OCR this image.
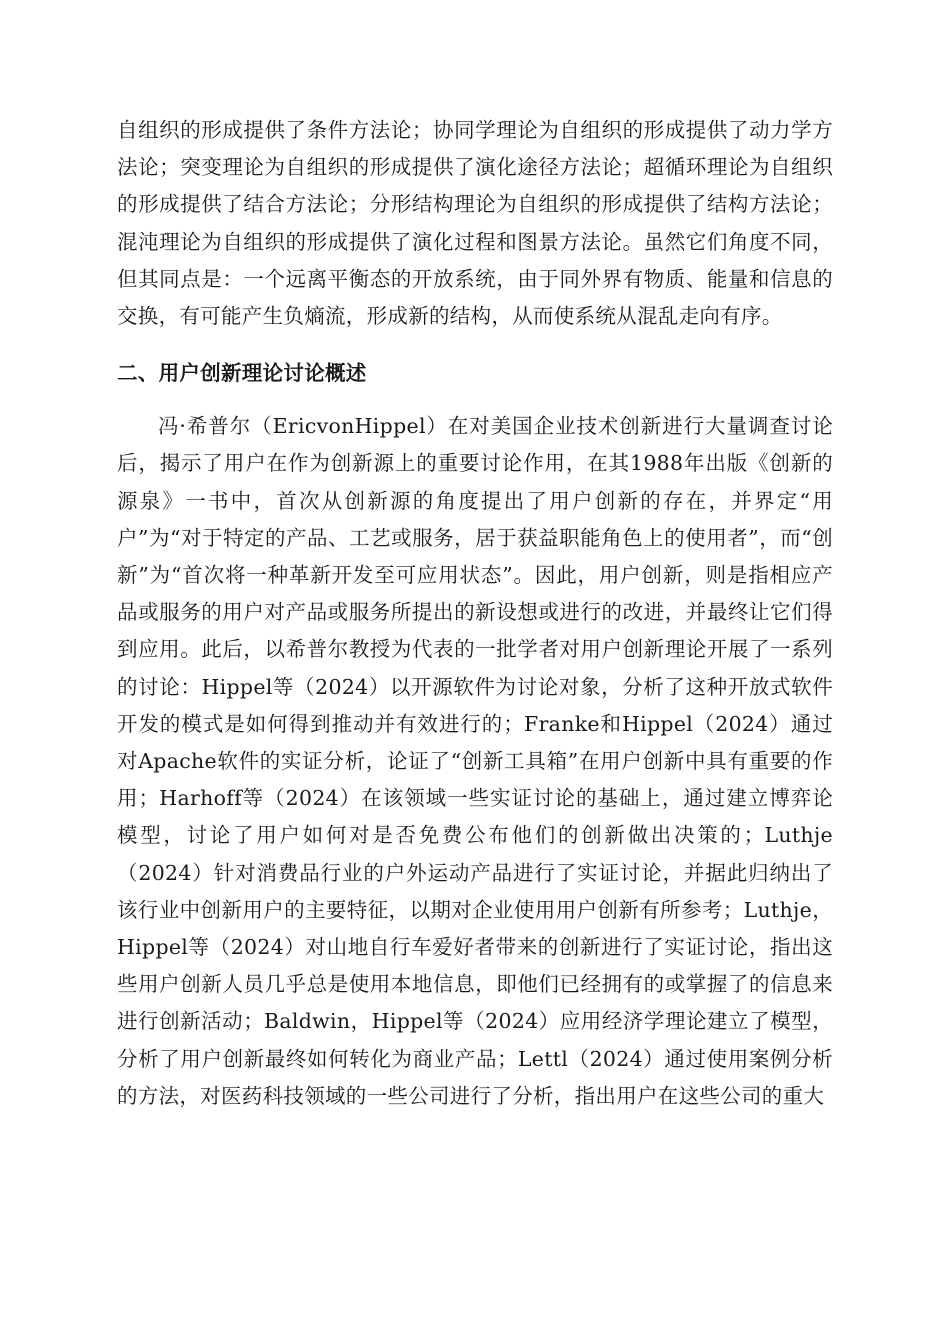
自组织的形成提供了条件方法论；协同学理论为自组织的形成提供了动力学方法论；突变理论为自组织的形成提供了演化途径方法论；超循环理论为自组织的形成提供了结合方法论；分形结构理论为自组织的形成提供了结构方法论；混沌理论为自组织的形成提供了演化过程和图景方法论。虽然它们角度不同，但其同点是：一个远离平衡态的开放系统，由于同外界有物质、能量和信息的交换，有可能产生负熵流，形成新的结构，从而使系统从混乱走向有序。

二、用户创新理论讨论概述

冯·希普尔（EricvonHippel）在对美国企业技术创新进行大量调查讨论后，揭示了用户在作为创新源上的重要讨论作用，在其1988年出版《创新的源泉》一书中，首次从创新源的角度提出了用户创新的存在，并界定“用户”为“对于特定的产品、工艺或服务，居于获益职能角色上的使用者”，而“创新”为“首次将一种革新开发至可应用状态”。因此，用户创新，则是指相应产品或服务的用户对产品或服务所提出的新设想或进行的改进，并最终让它们得到应用。此后，以希普尔教授为代表的一批学者对用户创新理论开展了一系列的讨论：Hippel等（2024）以开源软件为讨论对象，分析了这种开放式软件开发的模式是如何得到推动并有效进行的；Franke和Hippel（2024）通过对Apache软件的实证分析，论证了“创新工具箱”在用户创新中具有重要的作用；Harhoff等（2024）在该领域一些实证讨论的基础上，通过建立博弈论模型，讨论了用户如何对是否免费公布他们的创新做出决策的；Luthje（2024）针对消费品行业的户外运动产品进行了实证讨论，并据此归纳出了该行业中创新用户的主要特征，以期对企业使用用户创新有所参考；Luthje，Hippel等（2024）对山地自行车爱好者带来的创新进行了实证讨论，指出这些用户创新人员几乎总是使用本地信息，即他们已经拥有的或掌握了的信息来进行创新活动；Baldwin，Hippel等（2024）应用经济学理论建立了模型，分析了用户创新最终如何转化为商业产品；Lettl（2024）通过使用案例分析的方法，对医药科技领域的一些公司进行了分析，指出用户在这些公司的重大
